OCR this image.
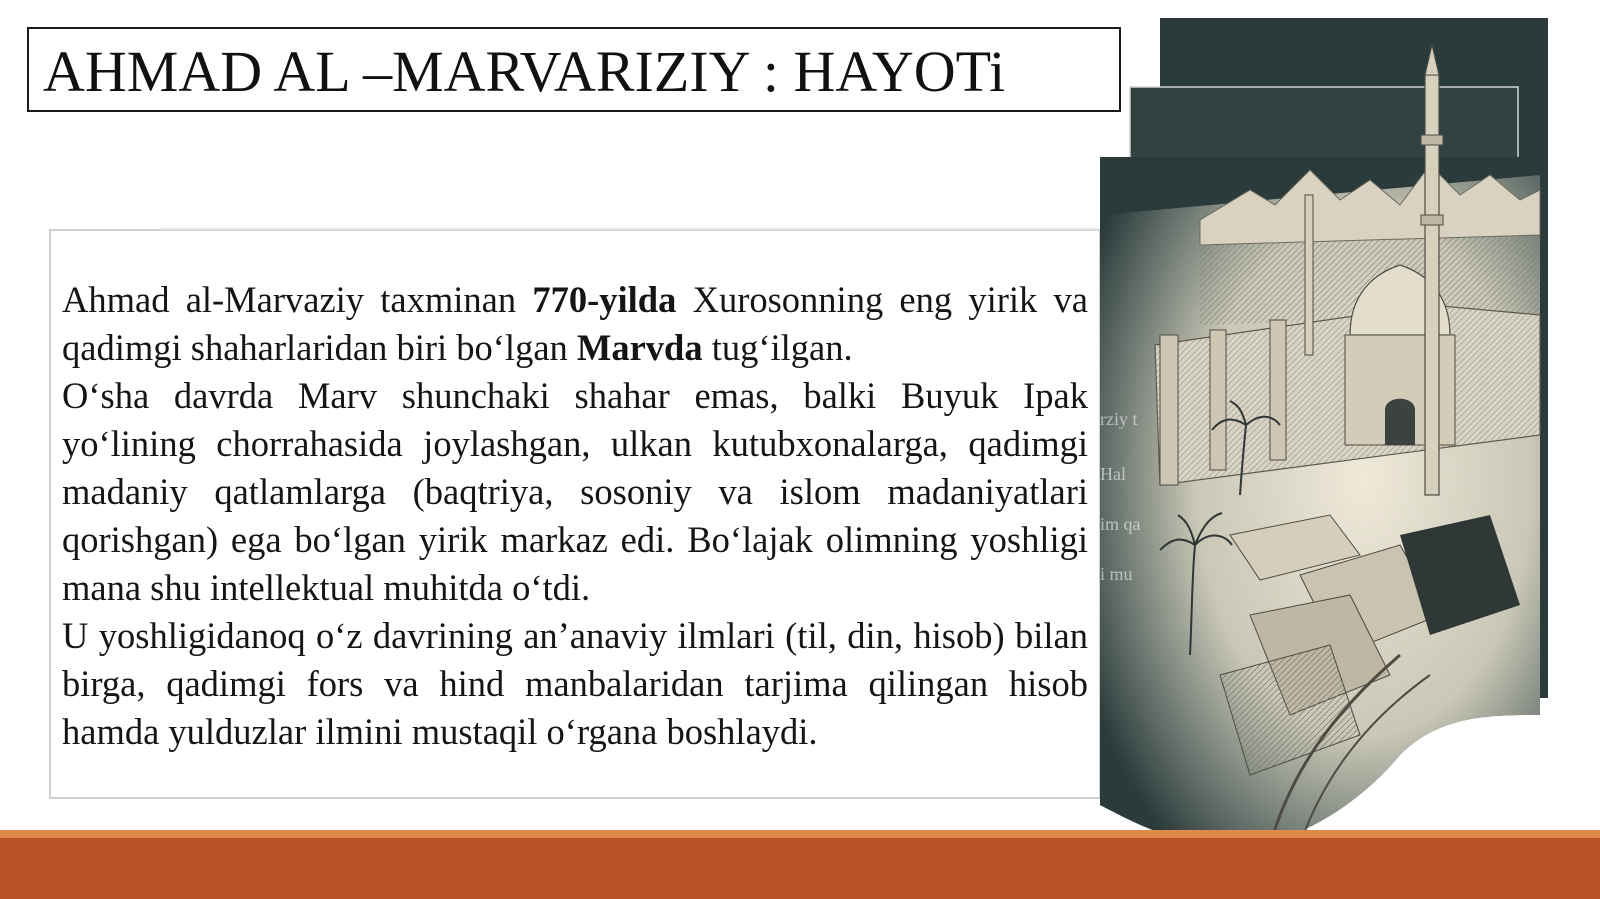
AHMAD AL –MARVARIZIY : HAYOTi

Ahmad al-Marvaziy taxminan 770-yilda Xurosonning eng yirik va qadimgi shaharlaridan biri bo‘lgan Marvda tug‘ilgan.

O‘sha davrda Marv shunchaki shahar emas, balki Buyuk Ipak yo‘lining chorrahasida joylashgan, ulkan kutubxonalarga, qadimgi madaniy qatlamlarga (baqtriya, sosoniy va islom madaniyatlari qorishgan) ega bo‘lgan yirik markaz edi. Bo‘lajak olimning yoshligi mana shu intellektual muhitda o‘tdi.

U yoshligidanoq o‘z davrining an’anaviy ilmlari (til, din, hisob) bilan birga, qadimgi fors va hind manbalaridan tarjima qilingan hisob hamda yulduzlar ilmini mustaqil o‘rgana boshlaydi.

rziy t
Hal
im qa
i mu
